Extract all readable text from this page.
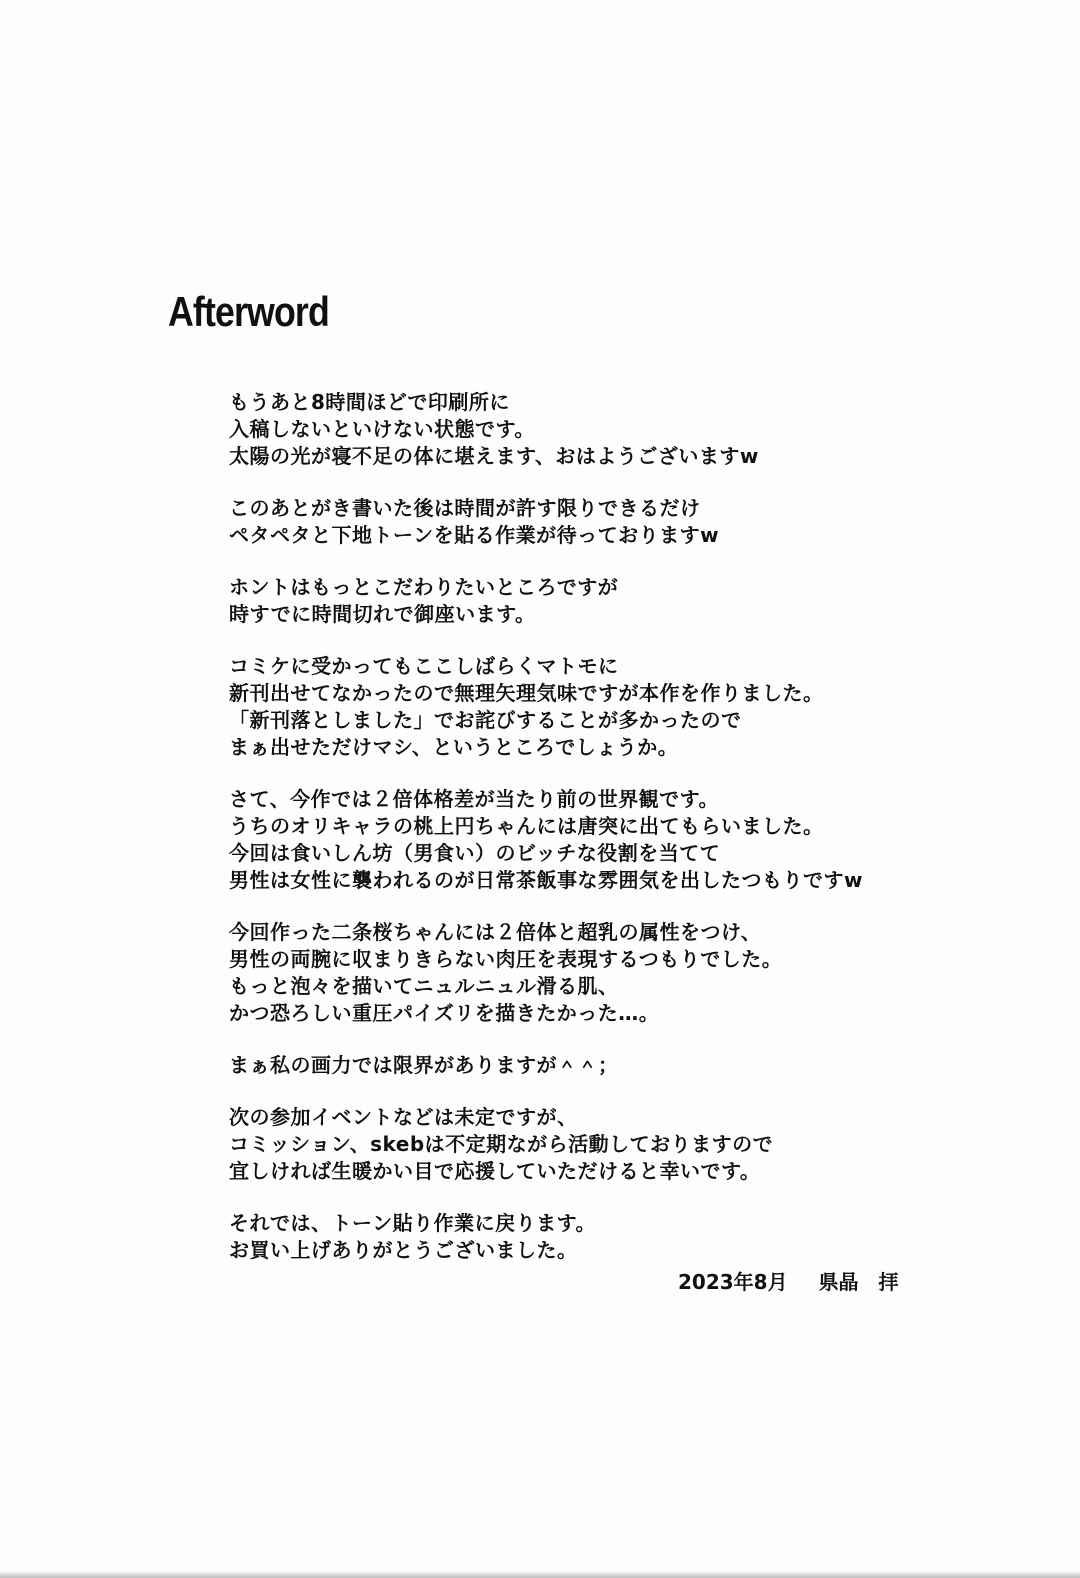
Afterword
もうあと8時間ほどで印刷所に
入稿しないといけない状態です。
太陽の光が寝不足の体に堪えます、おはようございますw
このあとがき書いた後は時間が許す限りできるだけ
ペタペタと下地トーンを貼る作業が待っておりますw
ホントはもっとこだわりたいところですが
時すでに時間切れで御座います。
コミケに受かってもここしばらくマトモに
新刊出せてなかったので無理矢理気味ですが本作を作りました。
「新刊落としました」でお詫びすることが多かったので
まぁ出せただけマシ、というところでしょうか。
さて、今作では２倍体格差が当たり前の世界観です。
うちのオリキャラの桃上円ちゃんには唐突に出てもらいました。
今回は食いしん坊（男食い）のビッチな役割を当てて
男性は女性に襲われるのが日常茶飯事な雰囲気を出したつもりですw
今回作った二条桜ちゃんには２倍体と超乳の属性をつけ、
男性の両腕に収まりきらない肉圧を表現するつもりでした。
もっと泡々を描いてニュルニュル滑る肌、
かつ恐ろしい重圧パイズリを描きたかった…。
まぁ私の画力では限界がありますが＾＾；
次の参加イベントなどは未定ですが、
コミッション、skebは不定期ながら活動しておりますので
宜しければ生暖かい目で応援していただけると幸いです。
それでは、トーン貼り作業に戻ります。
お買い上げありがとうございました。
2023年8月 県晶　拝
